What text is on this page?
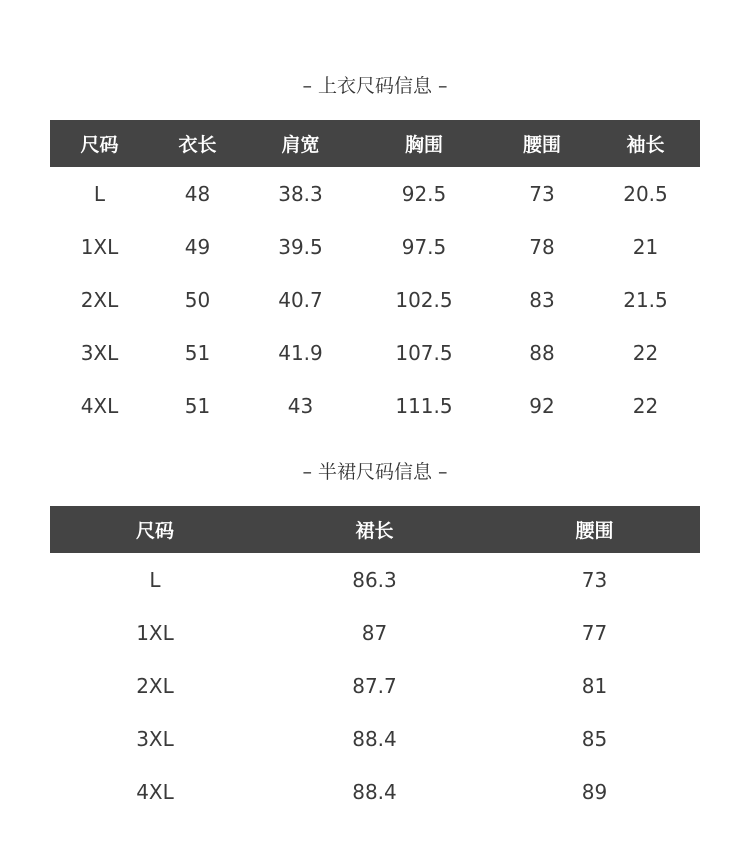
– 上衣尺码信息 –
尺码	衣长	肩宽	胸围	腰围	袖长
L	48	38.3	92.5	73	20.5
1XL	49	39.5	97.5	78	21
2XL	50	40.7	102.5	83	21.5
3XL	51	41.9	107.5	88	22
4XL	51	43	111.5	92	22
– 半裙尺码信息 –
尺码	裙长	腰围
L	86.3	73
1XL	87	77
2XL	87.7	81
3XL	88.4	85
4XL	88.4	89
